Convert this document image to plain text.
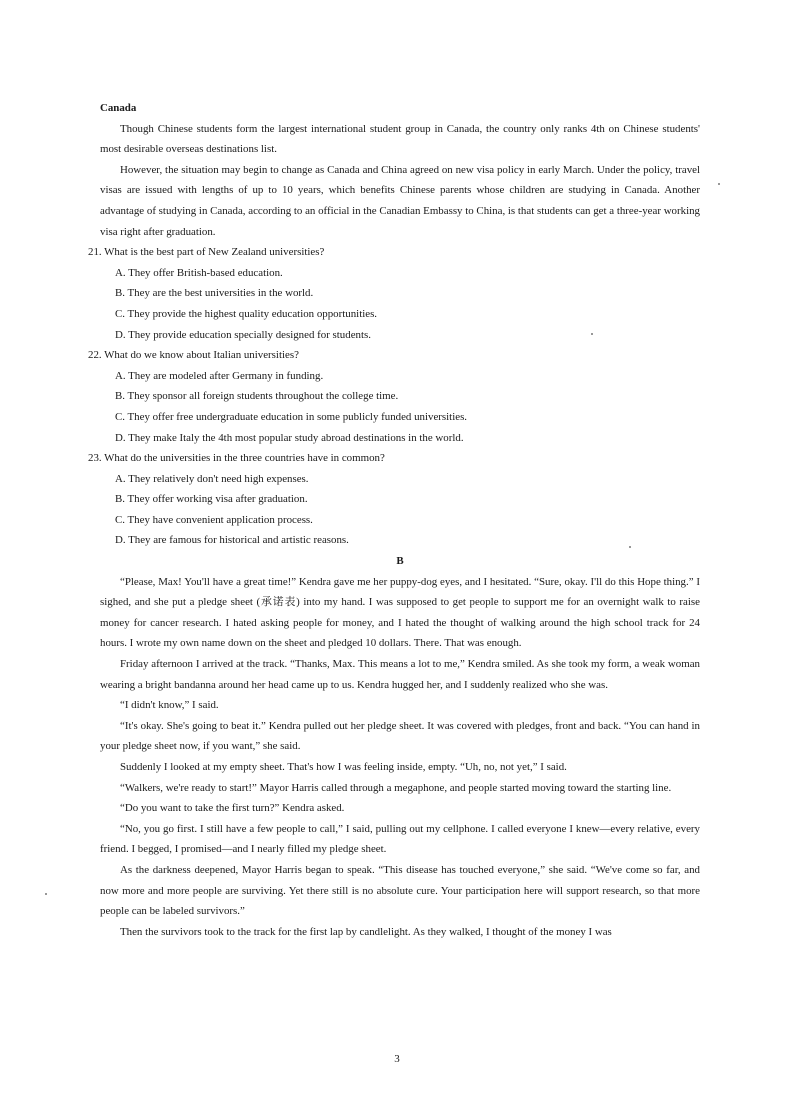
Canada

Though Chinese students form the largest international student group in Canada, the country only ranks 4th on Chinese students' most desirable overseas destinations list.

However, the situation may begin to change as Canada and China agreed on new visa policy in early March. Under the policy, travel visas are issued with lengths of up to 10 years, which benefits Chinese parents whose children are studying in Canada. Another advantage of studying in Canada, according to an official in the Canadian Embassy to China, is that students can get a three-year working visa right after graduation.

21. What is the best part of New Zealand universities?

A. They offer British-based education.

B. They are the best universities in the world.

C. They provide the highest quality education opportunities.

D. They provide education specially designed for students.

22. What do we know about Italian universities?

A. They are modeled after Germany in funding.

B. They sponsor all foreign students throughout the college time.

C. They offer free undergraduate education in some publicly funded universities.

D. They make Italy the 4th most popular study abroad destinations in the world.

23. What do the universities in the three countries have in common?

A. They relatively don't need high expenses.

B. They offer working visa after graduation.

C. They have convenient application process.

D. They are famous for historical and artistic reasons.

B

“Please, Max! You'll have a great time!” Kendra gave me her puppy-dog eyes, and I hesitated. “Sure, okay. I'll do this Hope thing.” I sighed, and she put a pledge sheet (承诺表) into my hand. I was supposed to get people to support me for an overnight walk to raise money for cancer research. I hated asking people for money, and I hated the thought of walking around the high school track for 24 hours. I wrote my own name down on the sheet and pledged 10 dollars. There. That was enough.

Friday afternoon I arrived at the track. “Thanks, Max. This means a lot to me,” Kendra smiled. As she took my form, a weak woman wearing a bright bandanna around her head came up to us. Kendra hugged her, and I suddenly realized who she was.

“I didn't know,” I said.

“It's okay. She's going to beat it.” Kendra pulled out her pledge sheet. It was covered with pledges, front and back. “You can hand in your pledge sheet now, if you want,” she said.

Suddenly I looked at my empty sheet. That's how I was feeling inside, empty. “Uh, no, not yet,” I said.

“Walkers, we're ready to start!” Mayor Harris called through a megaphone, and people started moving toward the starting line.

“Do you want to take the first turn?” Kendra asked.

“No, you go first. I still have a few people to call,” I said, pulling out my cellphone. I called everyone I knew—every relative, every friend. I begged, I promised—and I nearly filled my pledge sheet.

As the darkness deepened, Mayor Harris began to speak. “This disease has touched everyone,” she said. “We've come so far, and now more and more people are surviving. Yet there still is no absolute cure. Your participation here will support research, so that more people can be labeled survivors.”

Then the survivors took to the track for the first lap by candlelight. As they walked, I thought of the money I was

3
